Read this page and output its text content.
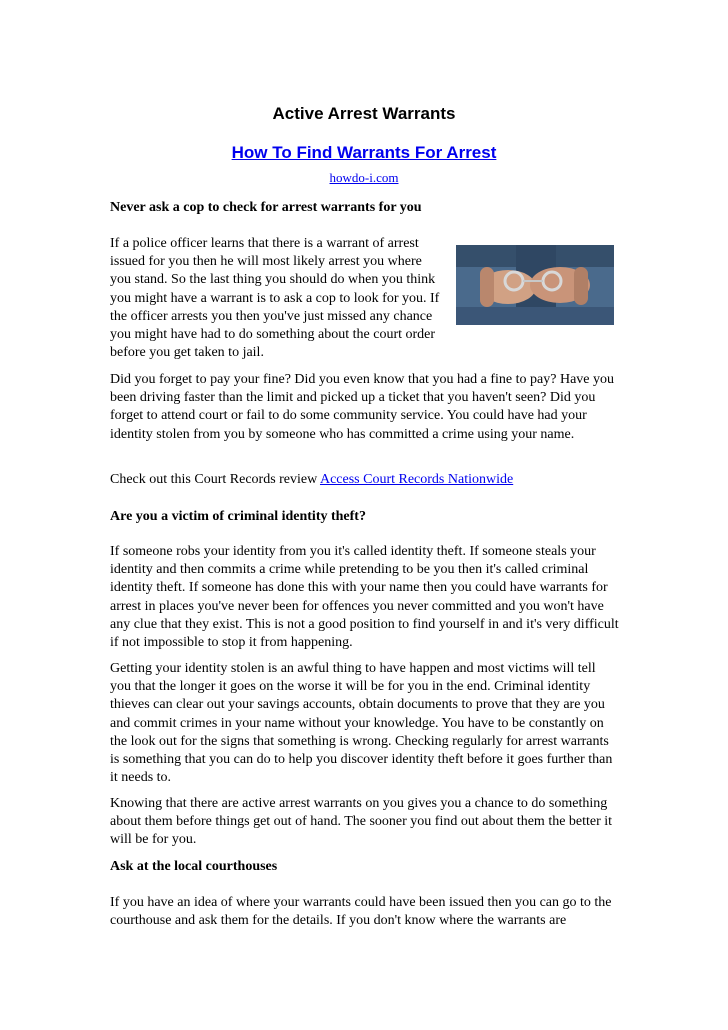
Active Arrest Warrants
How To Find Warrants For Arrest
howdo-i.com
Never ask a cop to check for arrest warrants for you
If a police officer learns that there is a warrant of arrest
issued for you then he will most likely arrest you where
you stand. So the last thing you should do when you think
you might have a warrant is to ask a cop to look for you. If
the officer arrests you then you've just missed any chance
you might have had to do something about the court order
before you get taken to jail.
Did you forget to pay your fine? Did you even know that you had a fine to pay? Have you been driving faster than the limit and picked up a ticket that you haven't seen? Did you forget to attend court or fail to do some community service. You could have had your identity stolen from you by someone who has committed a crime using your name.
Check out this Court Records review Access Court Records Nationwide
Are you a victim of criminal identity theft?
If someone robs your identity from you it's called identity theft. If someone steals your identity and then commits a crime while pretending to be you then it's called criminal identity theft. If someone has done this with your name then you could have warrants for arrest in places you've never been for offences you never committed and you won't have any clue that they exist. This is not a good position to find yourself in and it's very difficult if not impossible to stop it from happening.
Getting your identity stolen is an awful thing to have happen and most victims will tell you that the longer it goes on the worse it will be for you in the end. Criminal identity thieves can clear out your savings accounts, obtain documents to prove that they are you and commit crimes in your name without your knowledge. You have to be constantly on the look out for the signs that something is wrong. Checking regularly for arrest warrants is something that you can do to help you discover identity theft before it goes further than it needs to.
Knowing that there are active arrest warrants on you gives you a chance to do something about them before things get out of hand. The sooner you find out about them the better it will be for you.
Ask at the local courthouses
If you have an idea of where your warrants could have been issued then you can go to the courthouse and ask them for the details. If you don't know where the warrants are
